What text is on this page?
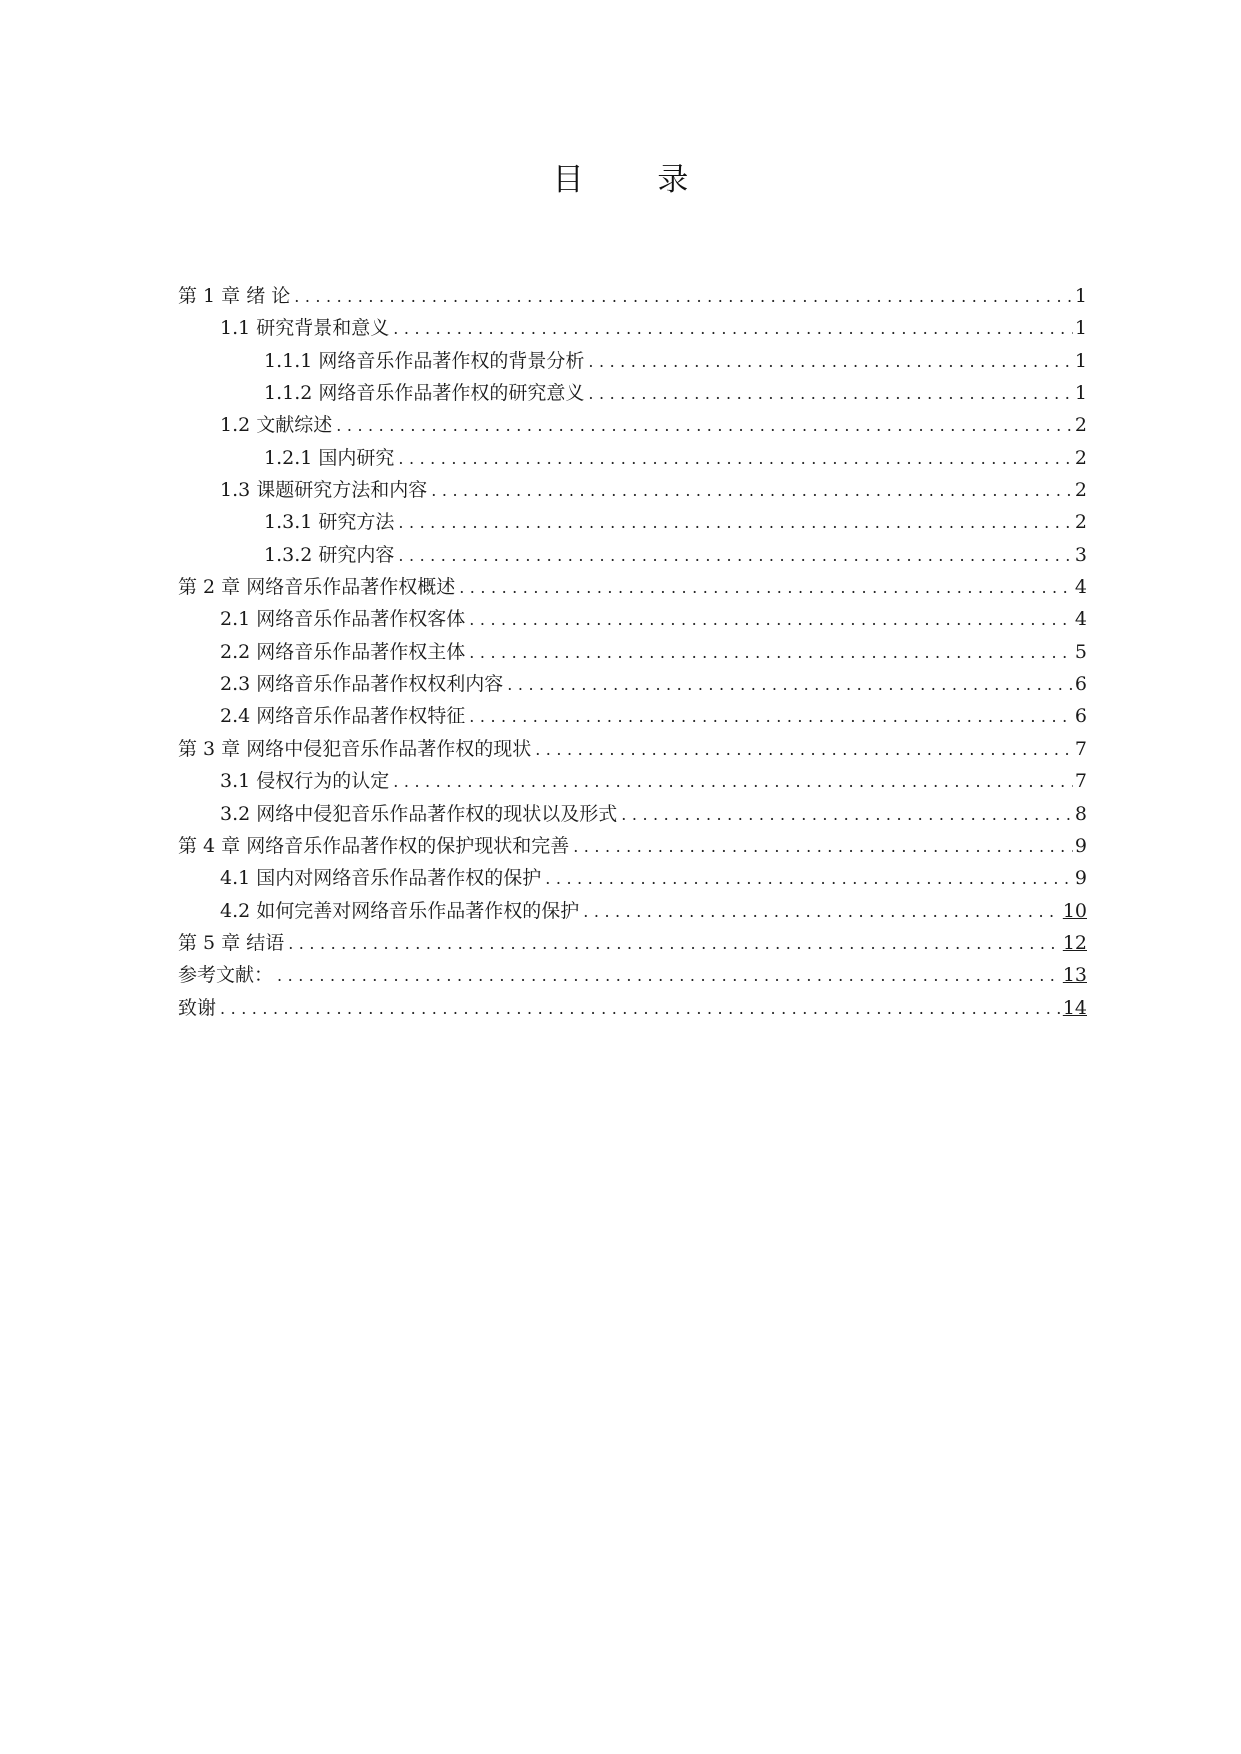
目 录
第 1 章 绪 论 .....	1
1.1 研究背景和意义 .....	1
1.1.1 网络音乐作品著作权的背景分析 .....	1
1.1.2 网络音乐作品著作权的研究意义 .....	1
1.2 文献综述 .....	2
1.2.1 国内研究 .....	2
1.3 课题研究方法和内容 .....	2
1.3.1 研究方法 .....	2
1.3.2 研究内容 .....	3
第 2 章 网络音乐作品著作权概述 .....	4
2.1 网络音乐作品著作权客体 .....	4
2.2 网络音乐作品著作权主体 .....	5
2.3 网络音乐作品著作权权利内容 .....	6
2.4 网络音乐作品著作权特征 .....	6
第 3 章 网络中侵犯音乐作品著作权的现状 .....	7
3.1 侵权行为的认定 .....	7
3.2 网络中侵犯音乐作品著作权的现状以及形式 .....	8
第 4 章 网络音乐作品著作权的保护现状和完善 .....	9
4.1 国内对网络音乐作品著作权的保护 .....	9
4.2 如何完善对网络音乐作品著作权的保护 .....	10
第 5 章 结语 .....	12
参考文献： .....	13
致谢 .....	14
